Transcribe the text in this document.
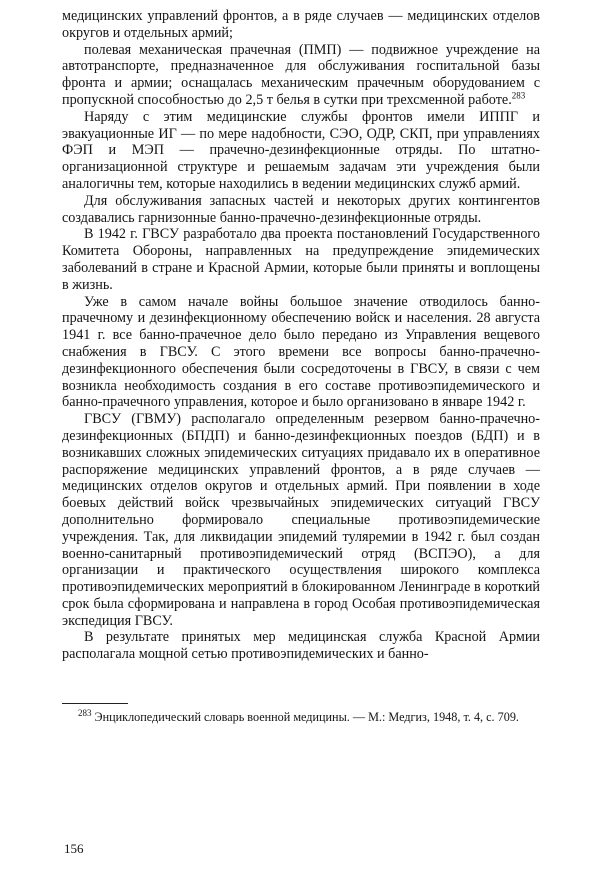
медицинских управлений фронтов, а в ряде случаев — медицинских отделов округов и отдельных армий;

полевая механическая прачечная (ПМП) — подвижное учреждение на автотранспорте, предназначенное для обслуживания госпитальной базы фронта и армии; оснащалась механическим прачечным оборудованием с пропускной способностью до 2,5 т белья в сутки при трехсменной работе.$^{283}$

Наряду с этим медицинские службы фронтов имели ИППГ и эвакуационные ИГ — по мере надобности, СЭО, ОДР, СКП, при управлениях ФЭП и МЭП — прачечно-дезинфекционные отряды. По штатно-организационной структуре и решаемым задачам эти учреждения были аналогичны тем, которые находились в ведении медицинских служб армий.

Для обслуживания запасных частей и некоторых других контингентов создавались гарнизонные банно-прачечно-дезинфекционные отряды.

В 1942 г. ГВСУ разработало два проекта постановлений Государственного Комитета Обороны, направленных на предупреждение эпидемических заболеваний в стране и Красной Армии, которые были приняты и воплощены в жизнь.

Уже в самом начале войны большое значение отводилось банно-прачечному и дезинфекционному обеспечению войск и населения. 28 августа 1941 г. все банно-прачечное дело было передано из Управления вещевого снабжения в ГВСУ. С этого времени все вопросы банно-прачечно-дезинфекционного обеспечения были сосредоточены в ГВСУ, в связи с чем возникла необходимость создания в его составе противоэпидемического и банно-прачечного управления, которое и было организовано в январе 1942 г.

ГВСУ (ГВМУ) располагало определенным резервом банно-прачечно-дезинфекционных (БПДП) и банно-дезинфекционных поездов (БДП) и в возникавших сложных эпидемических ситуациях придавало их в оперативное распоряжение медицинских управлений фронтов, а в ряде случаев — медицинских отделов округов и отдельных армий. При появлении в ходе боевых действий войск чрезвычайных эпидемических ситуаций ГВСУ дополнительно формировало специальные противоэпидемические учреждения. Так, для ликвидации эпидемий туляремии в 1942 г. был создан военно-санитарный противоэпидемический отряд (ВСПЭО), а для организации и практического осуществления широкого комплекса противоэпидемических мероприятий в блокированном Ленинграде в короткий срок была сформирована и направлена в город Особая противоэпидемическая экспедиция ГВСУ.

В результате принятых мер медицинская служба Красной Армии располагала мощной сетью противоэпидемических и банно-

$^{283}$ Энциклопедический словарь военной медицины. — М.: Медгиз, 1948, т. 4, с. 709.

156
